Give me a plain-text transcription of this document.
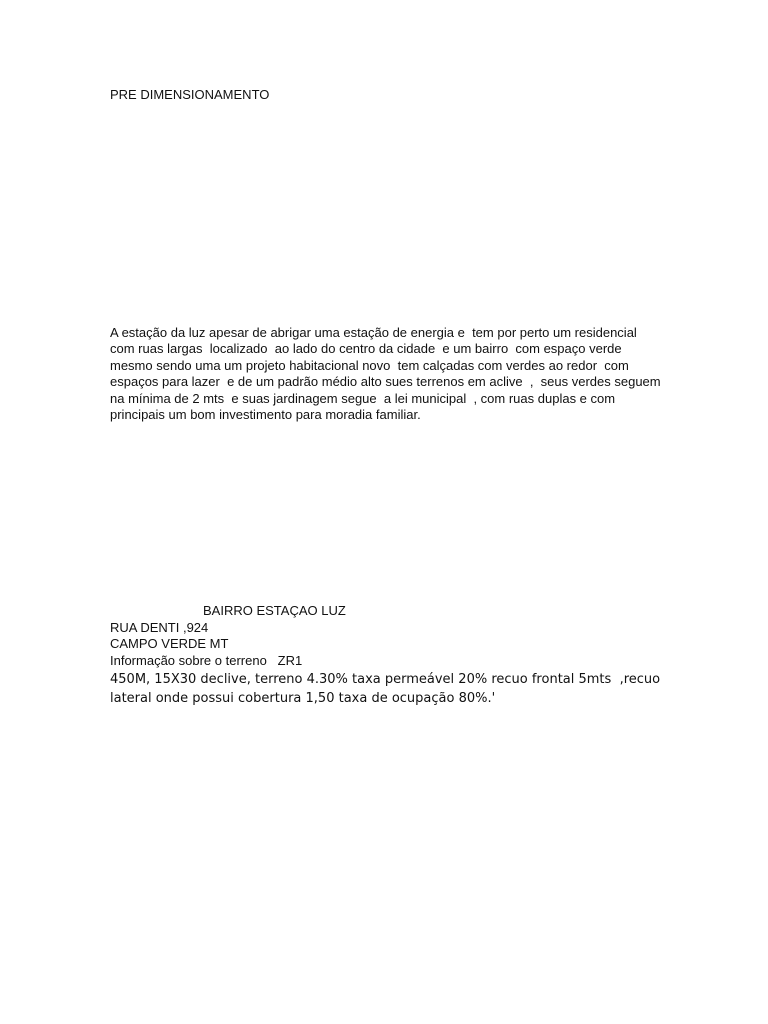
PRE DIMENSIONAMENTO
A estação da luz apesar de abrigar uma estação de energia e  tem por perto um residencial
com ruas largas  localizado  ao lado do centro da cidade  e um bairro  com espaço verde
mesmo sendo uma um projeto habitacional novo  tem calçadas com verdes ao redor  com
espaços para lazer  e de um padrão médio alto sues terrenos em aclive  ,  seus verdes seguem
na mínima de 2 mts  e suas jardinagem segue  a lei municipal  , com ruas duplas e com
principais um bom investimento para moradia familiar.
BAIRRO ESTAÇAO LUZ
RUA DENTI ,924
CAMPO VERDE MT
Informação sobre o terreno   ZR1
450M, 15X30 declive, terreno 4.30% taxa permeável 20% recuo frontal 5mts  ,recuo
lateral onde possui cobertura 1,50 taxa de ocupação 80%.'
